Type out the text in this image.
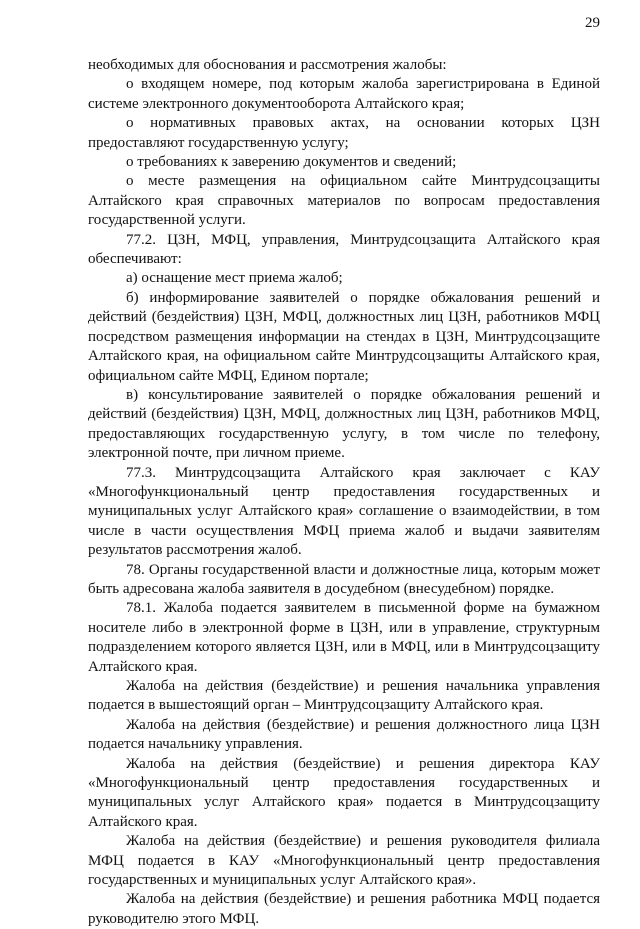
29

необходимых для обоснования и рассмотрения жалобы:

о входящем номере, под которым жалоба зарегистрирована в Единой системе электронного документооборота Алтайского края;

о нормативных правовых актах, на основании которых ЦЗН предоставляют государственную услугу;

о требованиях к заверению документов и сведений;

о месте размещения на официальном сайте Минтрудсоцзащиты Алтайского края справочных материалов по вопросам предоставления государственной услуги.

77.2. ЦЗН, МФЦ, управления, Минтрудсоцзащита Алтайского края обеспечивают:

а) оснащение мест приема жалоб;

б) информирование заявителей о порядке обжалования решений и действий (бездействия) ЦЗН, МФЦ, должностных лиц ЦЗН, работников МФЦ посредством размещения информации на стендах в ЦЗН, Минтрудсоцзащите Алтайского края, на официальном сайте Минтрудсоцзащиты Алтайского края, официальном сайте МФЦ, Едином портале;

в) консультирование заявителей о порядке обжалования решений и действий (бездействия) ЦЗН, МФЦ, должностных лиц ЦЗН, работников МФЦ, предоставляющих государственную услугу, в том числе по телефону, электронной почте, при личном приеме.

77.3. Минтрудсоцзащита Алтайского края заключает с КАУ «Многофункциональный центр предоставления государственных и муниципальных услуг Алтайского края» соглашение о взаимодействии, в том числе в части осуществления МФЦ приема жалоб и выдачи заявителям результатов рассмотрения жалоб.

78. Органы государственной власти и должностные лица, которым может быть адресована жалоба заявителя в досудебном (внесудебном) порядке.

78.1. Жалоба подается заявителем в письменной форме на бумажном носителе либо в электронной форме в ЦЗН, или в управление, структурным подразделением которого является ЦЗН, или в МФЦ, или в Минтрудсоцзащиту Алтайского края.

Жалоба на действия (бездействие) и решения начальника управления подается в вышестоящий орган – Минтрудсоцзащиту Алтайского края.

Жалоба на действия (бездействие) и решения должностного лица ЦЗН подается начальнику управления.

Жалоба на действия (бездействие) и решения директора КАУ «Многофункциональный центр предоставления государственных и муниципальных услуг Алтайского края» подается в Минтрудсоцзащиту Алтайского края.

Жалоба на действия (бездействие) и решения руководителя филиала МФЦ подается в КАУ «Многофункциональный центр предоставления государственных и муниципальных услуг Алтайского края».

Жалоба на действия (бездействие) и решения работника МФЦ подается руководителю этого МФЦ.
